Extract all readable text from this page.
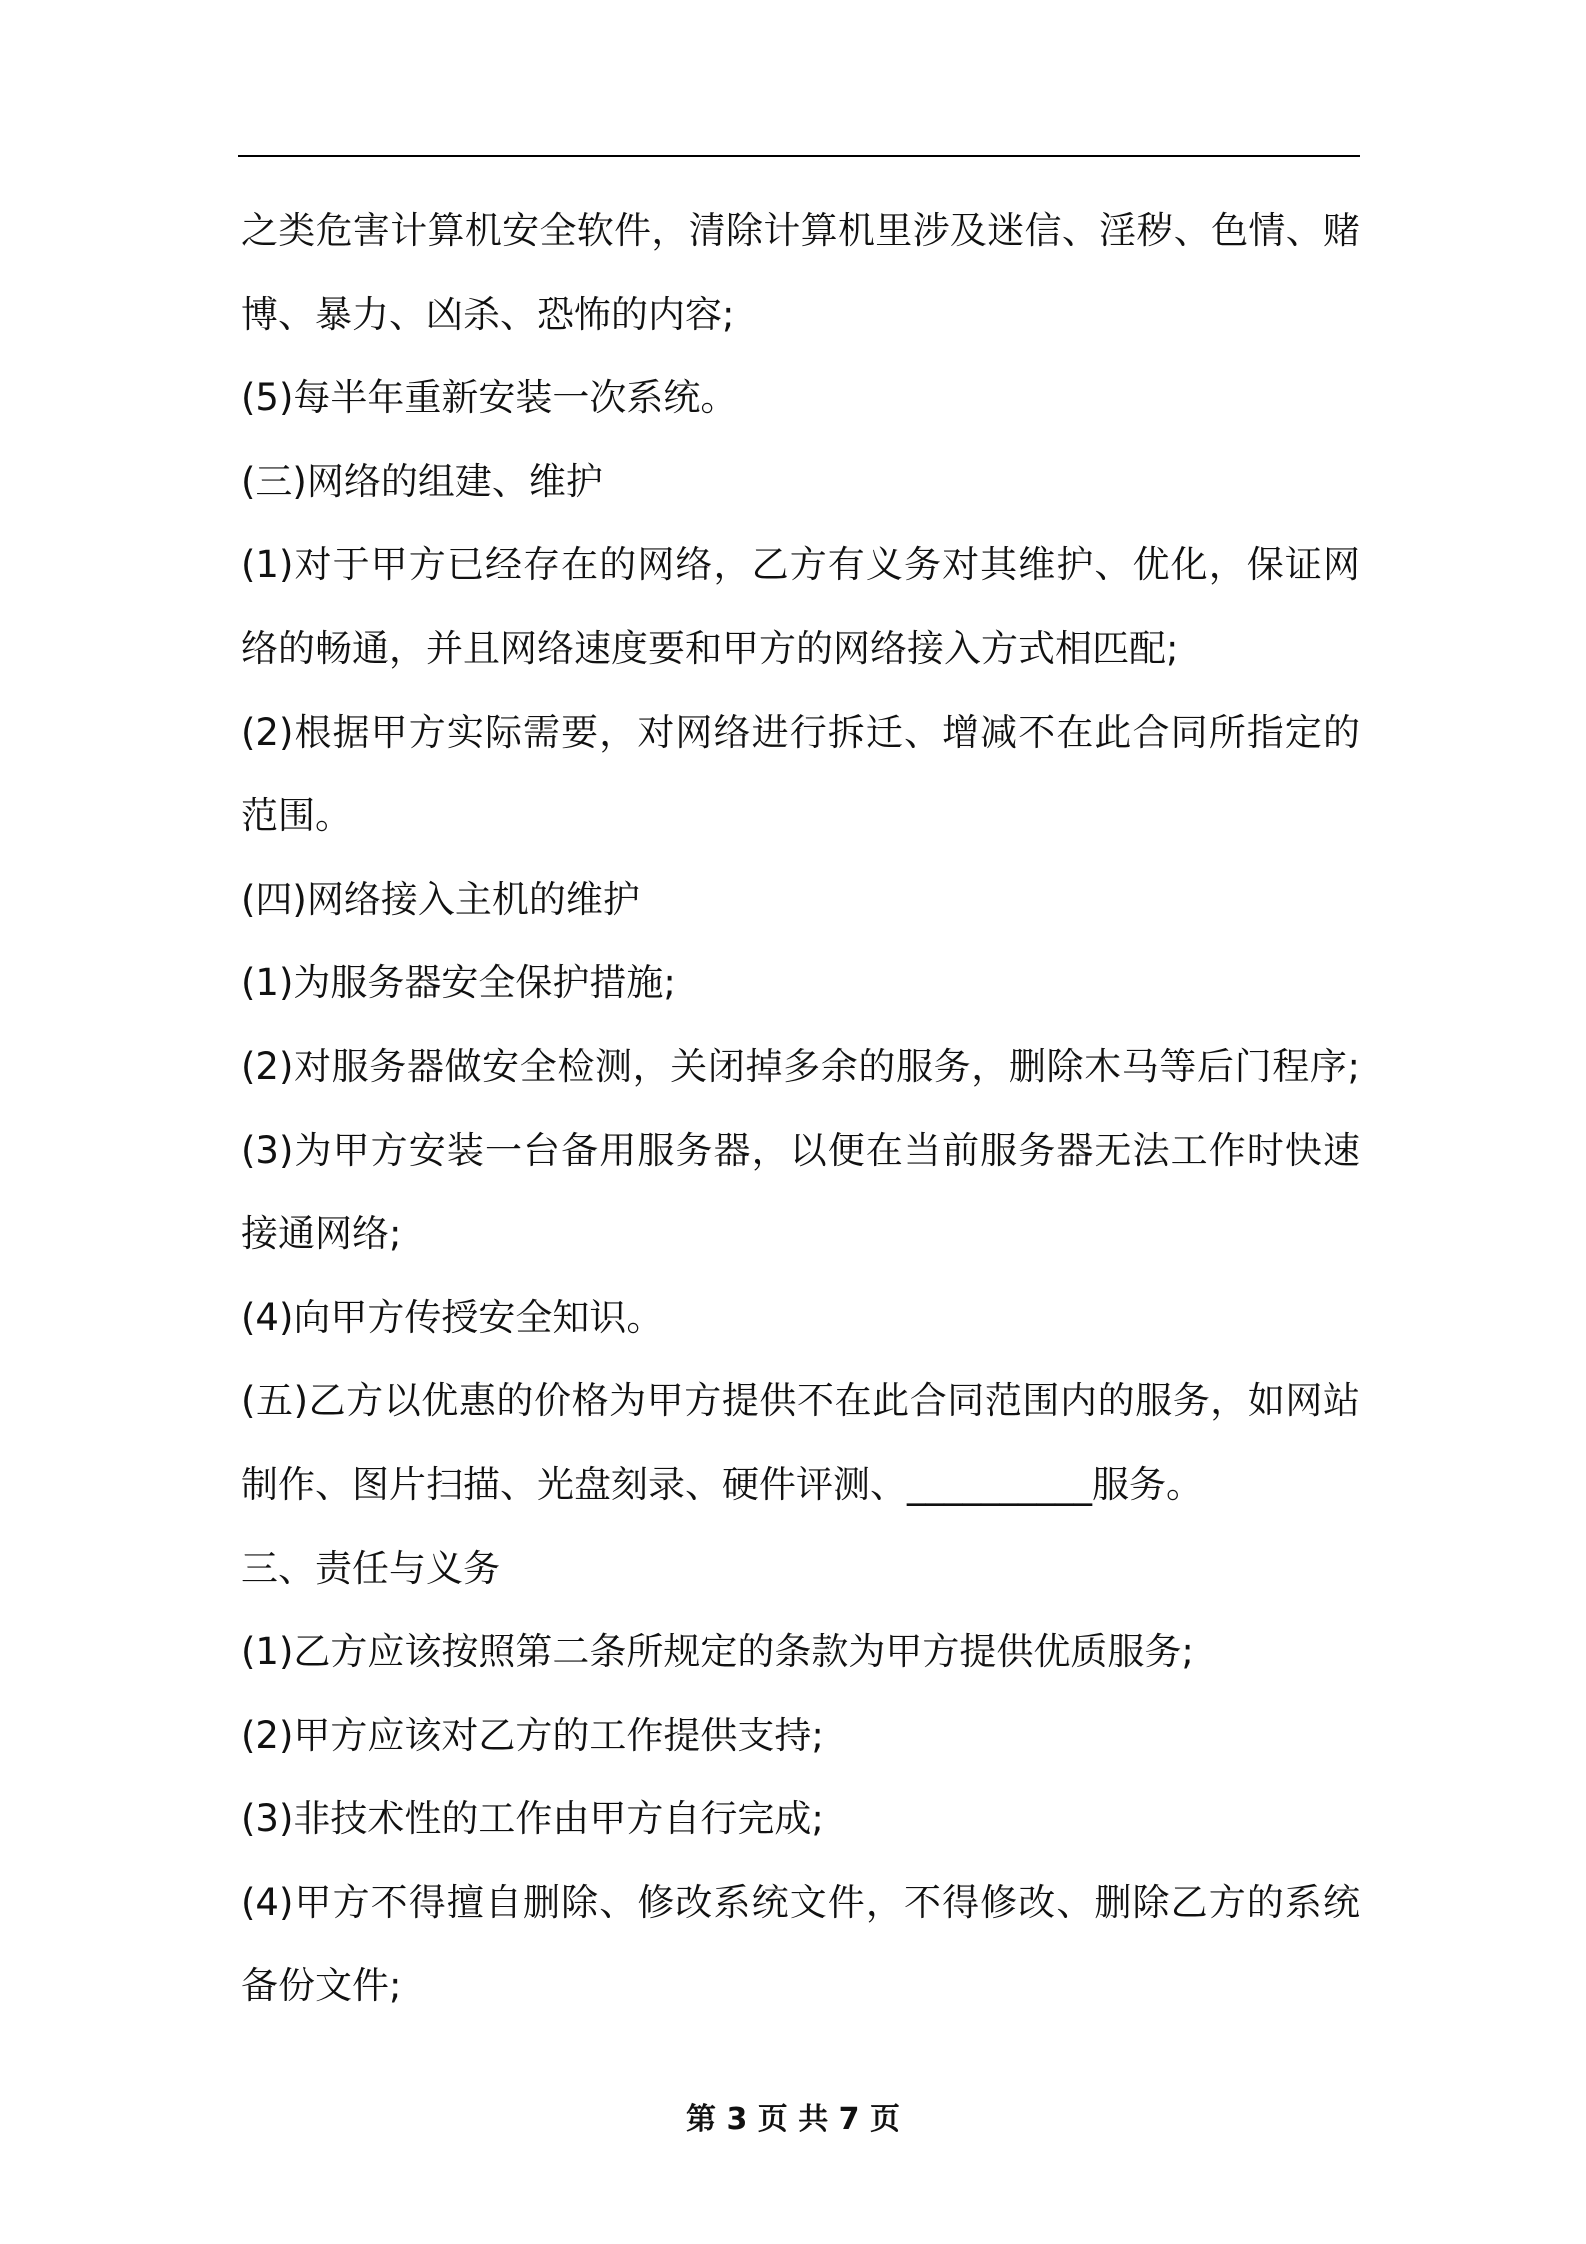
之类危害计算机安全软件，清除计算机里涉及迷信、淫秽、色情、赌
博、暴力、凶杀、恐怖的内容;
(5)每半年重新安装一次系统。
(三)网络的组建、维护
(1)对于甲方已经存在的网络，乙方有义务对其维护、优化，保证网
络的畅通，并且网络速度要和甲方的网络接入方式相匹配;
(2)根据甲方实际需要，对网络进行拆迁、增减不在此合同所指定的
范围。
(四)网络接入主机的维护
(1)为服务器安全保护措施;
(2)对服务器做安全检测，关闭掉多余的服务，删除木马等后门程序;
(3)为甲方安装一台备用服务器，以便在当前服务器无法工作时快速
接通网络;
(4)向甲方传授安全知识。
(五)乙方以优惠的价格为甲方提供不在此合同范围内的服务，如网站
制作、图片扫描、光盘刻录、硬件评测、__________服务。
三、责任与义务
(1)乙方应该按照第二条所规定的条款为甲方提供优质服务;
(2)甲方应该对乙方的工作提供支持;
(3)非技术性的工作由甲方自行完成;
(4)甲方不得擅自删除、修改系统文件，不得修改、删除乙方的系统
备份文件;
第 3 页 共 7 页
